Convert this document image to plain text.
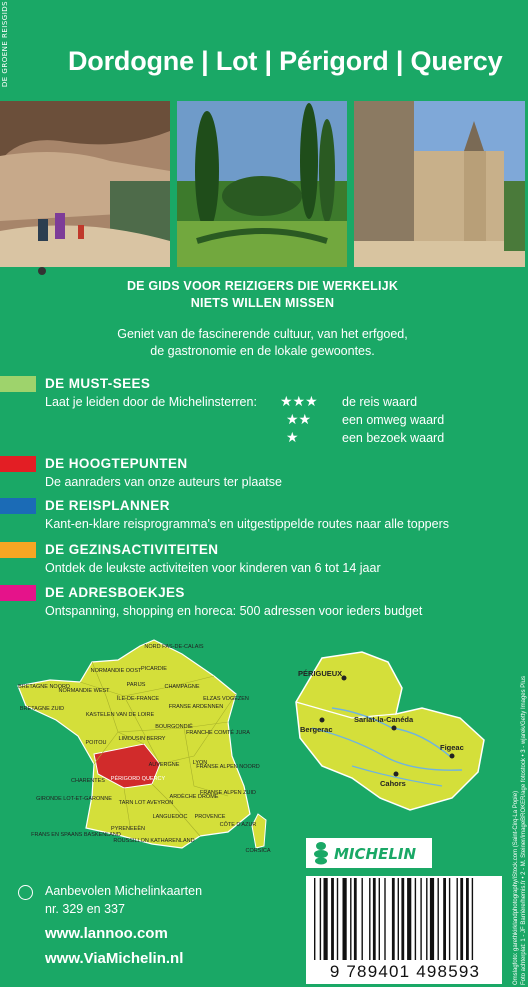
DE GROENE REISGIDS Dordogne | Lot | Périgord | Quercy
DE GIDS VOOR REIZIGERS DIE WERKELIJK
NIETS WILLEN MISSEN
Geniet van de fascinerende cultuur, van het erfgoed,
de gastronomie en de lokale gewoontes.
DE MUST-SEES
Laat je leiden door de Michelinsterren: ★★★ de reis waard
★★ een omweg waard
★	een bezoek waard
DE HOOGTEPUNTEN
De aanraders van onze auteurs ter plaatse
DE REISPLANNER
Kant-en-klare reisprogramma's en uitgestippelde routes naar alle toppers
DE GEZINSACTIVITEITEN
Ontdek de leukste activiteiten voor kinderen van 6 tot 14 jaar
DE ADRESBOEKJES
Ontspanning, shopping en horeca: 500 adressen voor ieders budget
NORD PAS-DE-CALAIS
PICARDIE
NORMANDIE OOST
NORMANDIE WEST
BRETAGNE NOORD
BRETAGNE ZUID
PARIJS
ÎLE-DE-FRANCE
CHAMPAGNE
ELZAS VOGEZEN
FRANSE ARDENNEN
KASTELEN VAN DE LOIRE
BOURGONDIË
FRANCHE COMTÉ JURA
POITOU
LIMOUSIN BERRY
CHARENTES
AUVERGNE LYON
FRANSE ALPEN NOORD
FRANSE ALPEN ZUID
GIRONDE LOT-ET-GARONNE
PÉRIGORD QUERCY
TARN LOT AVEYRON
ARDÈCHE DRÔME
PROVENCE
CÔTE D'AZUR
LANGUEDOC
PYRENEEËN
ROUSSILLON KATHARENLAND
FRANS EN SPAANS BASKENLAND
CORSICA
PÉRIGUEUX
Bergerac
Sarlat-la-Canéda
Figeac
Cahors
Aanbevolen Michelinkaarten
nr. 329 en 337
www.lannoo.com
www.ViaMichelin.nl
MICHELIN
9 789401 498593	Omslagfoto: garethkirklandphotography/iStock.com (Saint-Cirq-La Popie) Foto achterplat: 1 - JF Barrière/hemis.fr • 2 - M. Steiner/imageBROKER/age fotostock • 3 - wjarek/Getty Images Plus
